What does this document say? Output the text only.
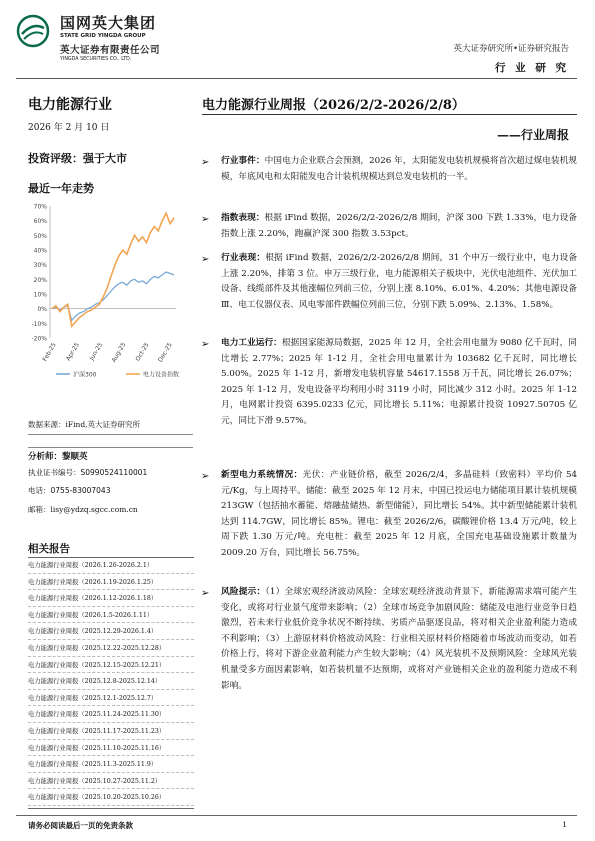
国网英大集团
STATE GRID YINGDA GROUP
英大证券有限责任公司
YINGDA SECURITIES CO., LTD.
英大证券研究所•证券研究报告
行 业 研 究
电力能源行业
2026 年 2 月 10 日
投资评级：强于大市
最近一年走势
70%
60%
50%
40%
30%
20%
10%
0%
-10%
-20%
Feb-25 Apr-25 Jun-25 Aug-25 Oct-25 Dec-25
沪深300	电力设备指数
数据来源：iFind,英大证券研究所
分析师：黎顺英
执业证书编号：S0990524110001
电话：0755-83007043
邮箱：lisy@ydzq.sgcc.com.cn
相关报告
电力能源行业周报（2026.1.26-2026.2.1）
电力能源行业周报（2026.1.19-2026.1.25）
电力能源行业周报（2026.1.12-2026.1.18）
电力能源行业周报（2026.1.5-2026.1.11）
电力能源行业周报（2025.12.29-2026.1.4）
电力能源行业周报（2025.12.22-2025.12.28）
电力能源行业周报（2025.12.15-2025.12.21）
电力能源行业周报（2025.12.8-2025.12.14）
电力能源行业周报（2025.12.1-2025.12.7）
电力能源行业周报（2025.11.24-2025.11.30）
电力能源行业周报（2025.11.17-2025.11.23）
电力能源行业周报（2025.11.10-2025.11.16）
电力能源行业周报（2025.11.3-2025.11.9）
电力能源行业周报（2025.10.27-2025.11.2）
电力能源行业周报（2025.10.20-2025.10.26）
电力能源行业周报（2026/2/2-2026/2/8）
——行业周报
➢	行业事件：中国电力企业联合会预测，2026 年，太阳能发电装机规模将首次超过煤电装机规模，年底风电和太阳能发电合计装机规模达到总发电装机的一半。
➢	指数表现：根据 iFind 数据，2026/2/2-2026/2/8 期间，沪深 300 下跌 1.33%，电力设备指数上涨 2.20%，跑赢沪深 300 指数 3.53pct。
➢	行业表现：根据 iFind 数据，2026/2/2-2026/2/8 期间，31 个申万一级行业中，电力设备上涨 2.20%，排第 3 位。申万三级行业，电力能源相关子板块中，光伏电池组件、光伏加工设备、线缆部件及其他涨幅位列前三位，分别上涨 8.10%、6.01%、4.20%；其他电源设备Ⅲ、电工仪器仪表、风电零部件跌幅位列前三位，分别下跌 5.09%、2.13%、1.58%。
➢	电力工业运行：根据国家能源局数据，2025 年 12 月，全社会用电量为 9080 亿千瓦时，同比增长 2.77%；2025 年 1-12 月，全社会用电量累计为 103682 亿千瓦时，同比增长 5.00%。2025 年 1-12 月，新增发电装机容量 54617.1558 万千瓦，同比增长 26.07%；2025 年 1-12 月，发电设备平均利用小时 3119 小时，同比减少 312 小时。2025 年 1-12 月，电网累计投资 6395.0233 亿元，同比增长 5.11%；电源累计投资 10927.50705 亿元，同比下滑 9.57%。
➢	新型电力系统情况：光伏：产业链价格，截至 2026/2/4，多晶硅料（致密料）平均价 54 元/Kg，与上周持平。储能：截至 2025 年 12 月末，中国已投运电力储能项目累计装机规模 213GW（包括抽水蓄能、熔融盐储热、新型储能），同比增长 54%。其中新型储能累计装机达到 114.7GW，同比增长 85%。锂电：截至 2026/2/6，碳酸锂价格 13.4 万元/吨，较上周下跌 1.30 万元/吨。充电桩：截至 2025 年 12 月底，全国充电基础设施累计数量为 2009.20 万台，同比增长 56.75%。
➢	风险提示：（1）全球宏观经济波动风险：全球宏观经济波动背景下，新能源需求端可能产生变化，或将对行业景气度带来影响；（2）全球市场竞争加剧风险：储能及电池行业竞争日趋激烈，若未来行业低价竞争状况不断持续、劣质产品驱逐良品，将对相关企业盈利能力造成不利影响；（3）上游原材料价格波动风险：行业相关原材料价格随着市场波动而变动，如若价格上行，将对下游企业盈利能力产生较大影响；（4）风光装机不及预期风险：全球风光装机量受多方面因素影响，如若装机量不达预期，或将对产业链相关企业的盈利能力造成不利影响。
请务必阅读最后一页的免责条款	1
